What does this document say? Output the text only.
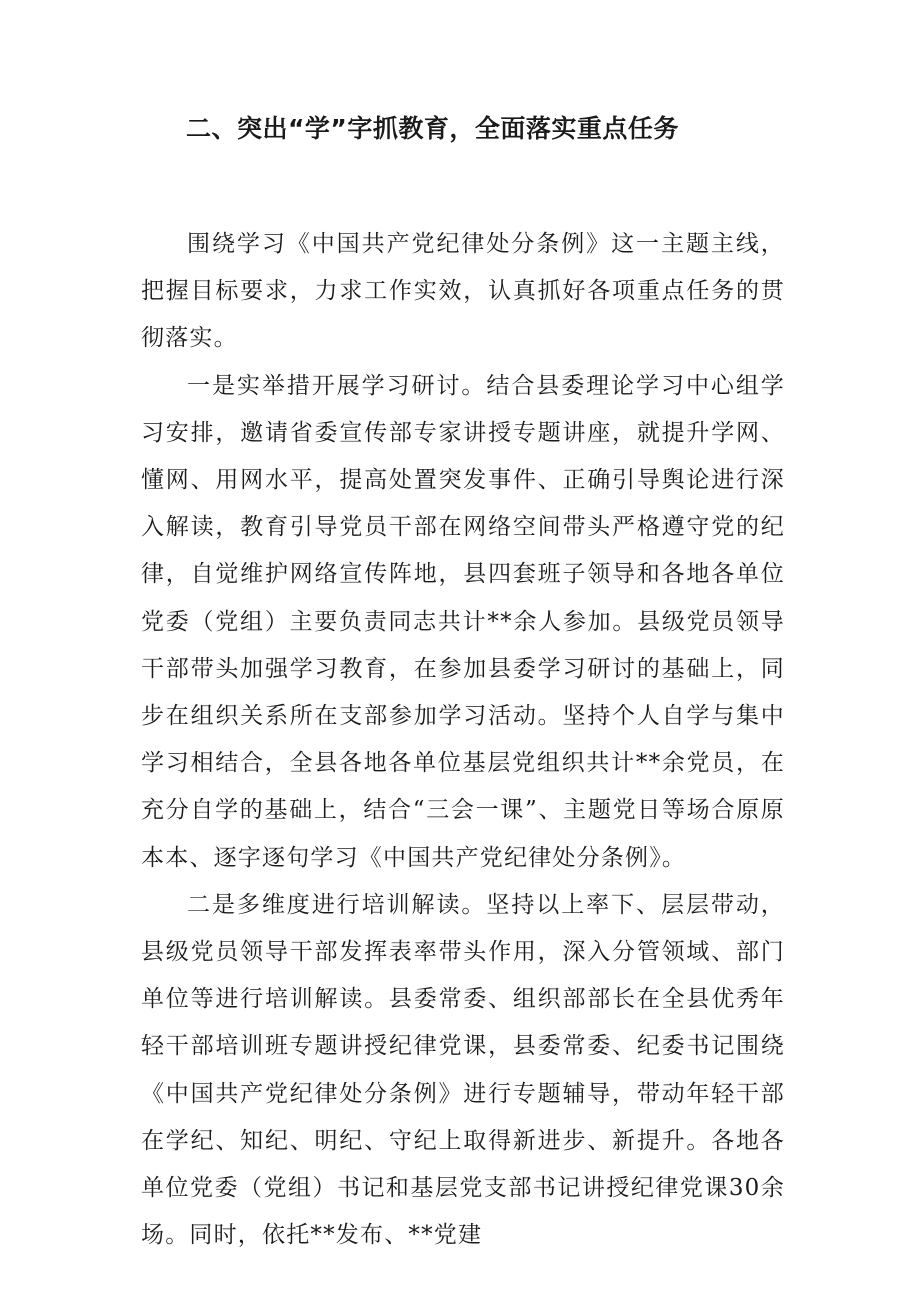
二、突出“学”字抓教育，全面落实重点任务

围绕学习《中国共产党纪律处分条例》这一主题主线，把握目标要求，力求工作实效，认真抓好各项重点任务的贯彻落实。

一是实举措开展学习研讨。结合县委理论学习中心组学习安排，邀请省委宣传部专家讲授专题讲座，就提升学网、懂网、用网水平，提高处置突发事件、正确引导舆论进行深入解读，教育引导党员干部在网络空间带头严格遵守党的纪律，自觉维护网络宣传阵地，县四套班子领导和各地各单位党委（党组）主要负责同志共计**余人参加。县级党员领导干部带头加强学习教育，在参加县委学习研讨的基础上，同步在组织关系所在支部参加学习活动。坚持个人自学与集中学习相结合，全县各地各单位基层党组织共计**余党员，在充分自学的基础上，结合“三会一课”、主题党日等场合原原本本、逐字逐句学习《中国共产党纪律处分条例》。

二是多维度进行培训解读。坚持以上率下、层层带动，县级党员领导干部发挥表率带头作用，深入分管领域、部门单位等进行培训解读。县委常委、组织部部长在全县优秀年轻干部培训班专题讲授纪律党课，县委常委、纪委书记围绕《中国共产党纪律处分条例》进行专题辅导，带动年轻干部在学纪、知纪、明纪、守纪上取得新进步、新提升。各地各单位党委（党组）书记和基层党支部书记讲授纪律党课30余场。同时，依托**发布、**党建
